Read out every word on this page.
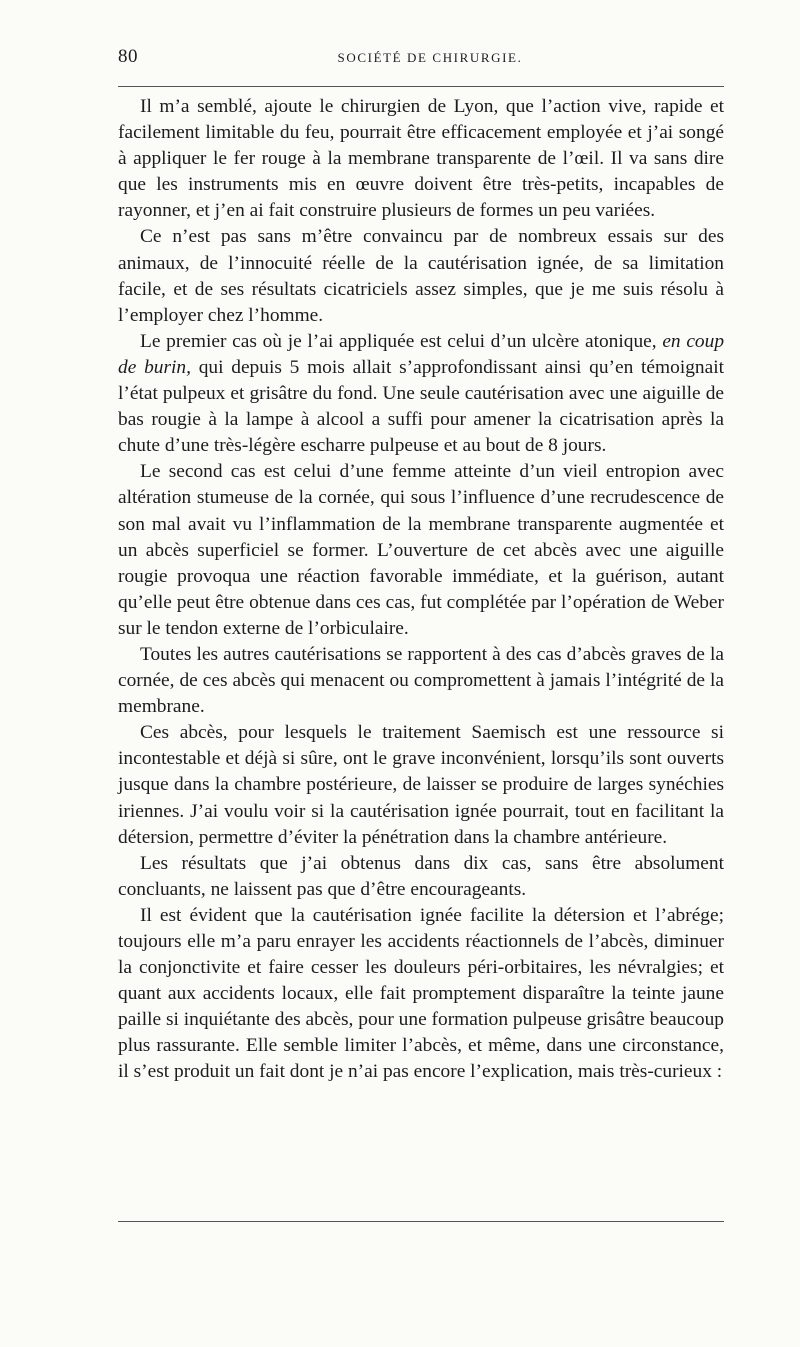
80	SOCIÉTÉ DE CHIRURGIE.

Il m’a semblé, ajoute le chirurgien de Lyon, que l’action vive, rapide et facilement limitable du feu, pourrait être efficacement employée et j’ai songé à appliquer le fer rouge à la membrane transparente de l’œil. Il va sans dire que les instruments mis en œuvre doivent être très-petits, incapables de rayonner, et j’en ai fait construire plusieurs de formes un peu variées.

Ce n’est pas sans m’être convaincu par de nombreux essais sur des animaux, de l’innocuité réelle de la cautérisation ignée, de sa limitation facile, et de ses résultats cicatriciels assez simples, que je me suis résolu à l’employer chez l’homme.

Le premier cas où je l’ai appliquée est celui d’un ulcère atonique, en coup de burin, qui depuis 5 mois allait s’approfondissant ainsi qu’en témoignait l’état pulpeux et grisâtre du fond. Une seule cautérisation avec une aiguille de bas rougie à la lampe à alcool a suffi pour amener la cicatrisation après la chute d’une très-légère escharre pulpeuse et au bout de 8 jours.

Le second cas est celui d’une femme atteinte d’un vieil entropion avec altération stumeuse de la cornée, qui sous l’influence d’une recrudescence de son mal avait vu l’inflammation de la membrane transparente augmentée et un abcès superficiel se former. L’ouverture de cet abcès avec une aiguille rougie provoqua une réaction favorable immédiate, et la guérison, autant qu’elle peut être obtenue dans ces cas, fut complétée par l’opération de Weber sur le tendon externe de l’orbiculaire.

Toutes les autres cautérisations se rapportent à des cas d’abcès graves de la cornée, de ces abcès qui menacent ou compromettent à jamais l’intégrité de la membrane.

Ces abcès, pour lesquels le traitement Saemisch est une ressource si incontestable et déjà si sûre, ont le grave inconvénient, lorsqu’ils sont ouverts jusque dans la chambre postérieure, de laisser se produire de larges synéchies iriennes. J’ai voulu voir si la cautérisation ignée pourrait, tout en facilitant la détersion, permettre d’éviter la pénétration dans la chambre antérieure.

Les résultats que j’ai obtenus dans dix cas, sans être absolument concluants, ne laissent pas que d’être encourageants.

Il est évident que la cautérisation ignée facilite la détersion et l’abrége; toujours elle m’a paru enrayer les accidents réactionnels de l’abcès, diminuer la conjonctivite et faire cesser les douleurs péri-orbitaires, les névralgies; et quant aux accidents locaux, elle fait promptement disparaître la teinte jaune paille si inquiétante des abcès, pour une formation pulpeuse grisâtre beaucoup plus rassurante. Elle semble limiter l’abcès, et même, dans une circonstance, il s’est produit un fait dont je n’ai pas encore l’explication, mais très-curieux :
